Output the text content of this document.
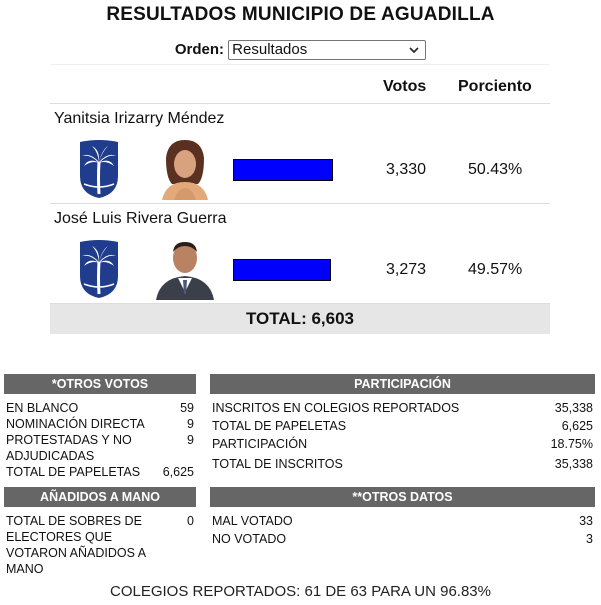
RESULTADOS MUNICIPIO DE AGUADILLA
Orden: Resultados
Votos Porciento
Yanitsia Irizarry Méndez
3,330	50.43%
José Luis Rivera Guerra
3,273	49.57%
TOTAL: 6,603
*OTROS VOTOS
EN BLANCO	59
NOMINACIÓN DIRECTA	9
PROTESTADAS Y NO ADJUDICADAS
9
TOTAL DE PAPELETAS 6,625
PARTICIPACIÓN
INSCRITOS EN COLEGIOS REPORTADOS	35,338
TOTAL DE PAPELETAS	6,625
PARTICIPACIÓN	18.75%
TOTAL DE INSCRITOS	35,338
AÑADIDOS A MANO
TOTAL DE SOBRES DE ELECTORES QUE VOTARON AÑADIDOS A MANO
0
**OTROS DATOS
MAL VOTADO	33
NO VOTADO	3
COLEGIOS REPORTADOS: 61 DE 63 PARA UN 96.83%
